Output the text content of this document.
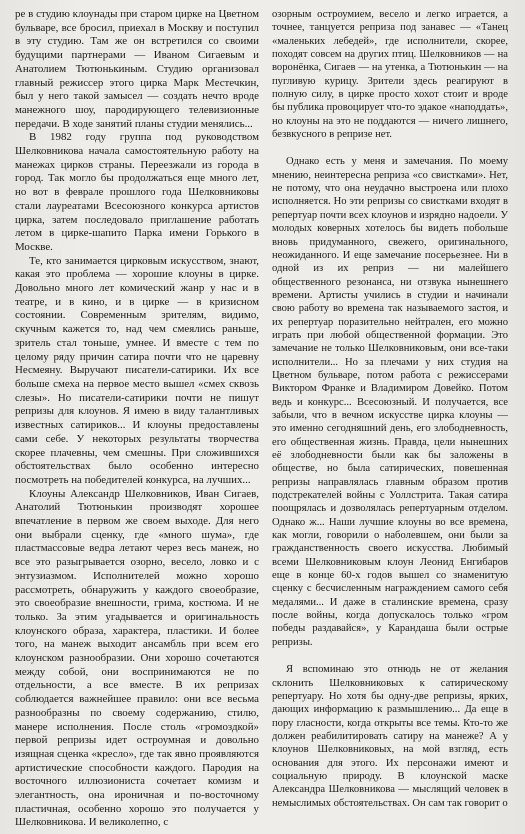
ре в студию клоунады при старом цирке на Цветном бульваре, все бросил, приехал в Москву и поступил в эту студию. Там же он встретился со своими будущими партнерами — Иваном Сигаевым и Анатолием Тютюнькиным. Студию организовал главный режиссер этого цирка Марк Местечкин, был у него такой замысел — создать нечто вроде манежного шоу, пародирующего телевизионные передачи. В ходе занятий планы студии менялись...

В 1982 году группа под руководством Шелковникова начала самостоятельную работу на манежах цирков страны. Переезжали из города в город. Так могло бы продолжаться еще много лет, но вот в феврале прошлого года Шелковниковы стали лауреатами Всесоюзного конкурса артистов цирка, затем последовало приглашение работать летом в цирке-шапито Парка имени Горького в Москве.

Те, кто занимается цирковым искусством, знают, какая это проблема — хорошие клоуны в цирке. Довольно много лет комический жанр у нас и в театре, и в кино, и в цирке — в кризисном состоянии. Современным зрителям, видимо, скучным кажется то, над чем смеялись раньше, зритель стал тоньше, умнее. И вместе с тем по целому ряду причин сатира почти что не царевну Несмеяну. Выручают писатели-сатирики. Их все больше смеха на первое место вышел «смех сквозь слезы». Но писатели-сатирики почти не пишут репризы для клоунов. Я имею в виду талантливых известных сатириков... И клоуны предоставлены сами себе. У некоторых результаты творчества скорее плачевны, чем смешны. При сложившихся обстоятельствах было особенно интересно посмотреть на победителей конкурса, на лучших...

Клоуны Александр Шелковников, Иван Сигаев, Анатолий Тютюнькин производят хорошее впечатление в первом же своем выходе. Для него они выбрали сценку, где «много шума», где пластмассовые ведра летают через весь манеж, но все это разыгрывается озорно, весело, ловко и с энтузиазмом. Исполнителей можно хорошо рассмотреть, обнаружить у каждого своеобразие, это своеобразие внешности, грима, костюма. И не только. За этим угадывается и оригинальность клоунского образа, характера, пластики. И более того, на манеж выходит ансамбль при всем его клоунском разнообразии. Они хорошо сочетаются между собой, они воспринимаются не по отдельности, а все вместе. В их репризах соблюдается важнейшее правило: они все весьма разнообразны по своему содержанию, стилю, манере исполнения. После столь «громоздкой» первой репризы идет остроумная и довольно изящная сценка «кресло», где так явно проявляются артистические способности каждого. Пародия на восточного иллюзиониста сочетает комизм и элегантность, она ироничная и по-восточному пластичная, особенно хорошо это получается у Шелковникова. И великолепно, с

озорным остроумием, весело и легко играется, а точнее, танцуется реприза под занавес — «Танец «маленьких лебедей», где исполнители, скорее, походят совсем на других птиц. Шелковников — на воронёнка, Сигаев — на утенка, а Тютюнькин — на пугливую курицу. Зрители здесь реагируют в полную силу, в цирке просто хохот стоит и вроде бы публика провоцирует что-то эдакое «наподдать», но клоуны на это не поддаются — ничего лишнего, безвкусного в репризе нет.

Однако есть у меня и замечания. По моему мнению, неинтересна реприза «со свистками». Нет, не потому, что она неудачно выстроена или плохо исполняется. Но эти репризы со свистками входят в репертуар почти всех клоунов и изрядно надоели. У молодых коверных хотелось бы видеть побольше вновь придуманного, свежего, оригинального, неожиданного. И еще замечание посерьезнее. Ни в одной из их реприз — ни малейшего общественного резонанса, ни отзвука нынешнего времени. Артисты учились в студии и начинали свою работу во времена так называемого застоя, и их репертуар поразительно нейтрален, его можно играть при любой общественной формации. Это замечание не только Шелковниковым, они все-таки исполнители... Но за плечами у них студия на Цветном бульваре, потом работа с режиссерами Виктором Франке и Владимиром Довейко. Потом ведь и конкурс... Всесоюзный. И получается, все забыли, что в вечном искусстве цирка клоуны — это именно сегодняшний день, его злободневность, его общественная жизнь. Правда, цели нынешних её злободневности были как бы заложены в обществе, но была сатирических, повешенная репризы направлялась главным образом против подстрекателей войны с Уоллстрита. Такая сатира поощрялась и дозволялась репертуарным отделом. Однако ж... Наши лучшие клоуны во все времена, как могли, говорили о наболевшем, они были за гражданственность своего искусства. Любимый всеми Шелковниковым клоун Леонид Енгибаров еще в конце 60-х годов вышел со знаменитую сценку с бесчисленным награждением самого себя медалями... И даже в сталинские времена, сразу после войны, когда допускалось только «гром победы раздавайся», у Карандаша были острые репризы.

Я вспоминаю это отнюдь не от желания склонить Шелковниковых к сатирическому репертуару. Но хотя бы одну-две репризы, ярких, дающих информацию к размышлению... Да еще в пору гласности, когда открыты все темы. Кто-то же должен реабилитировать сатиру на манеже? А у клоунов Шелковниковых, на мой взгляд, есть основания для этого. Их персонажи имеют и социальную природу. В клоунской маске Александра Шелковникова — мыслящий человек в немыслимых обстоятельствах. Он сам так говорит о
